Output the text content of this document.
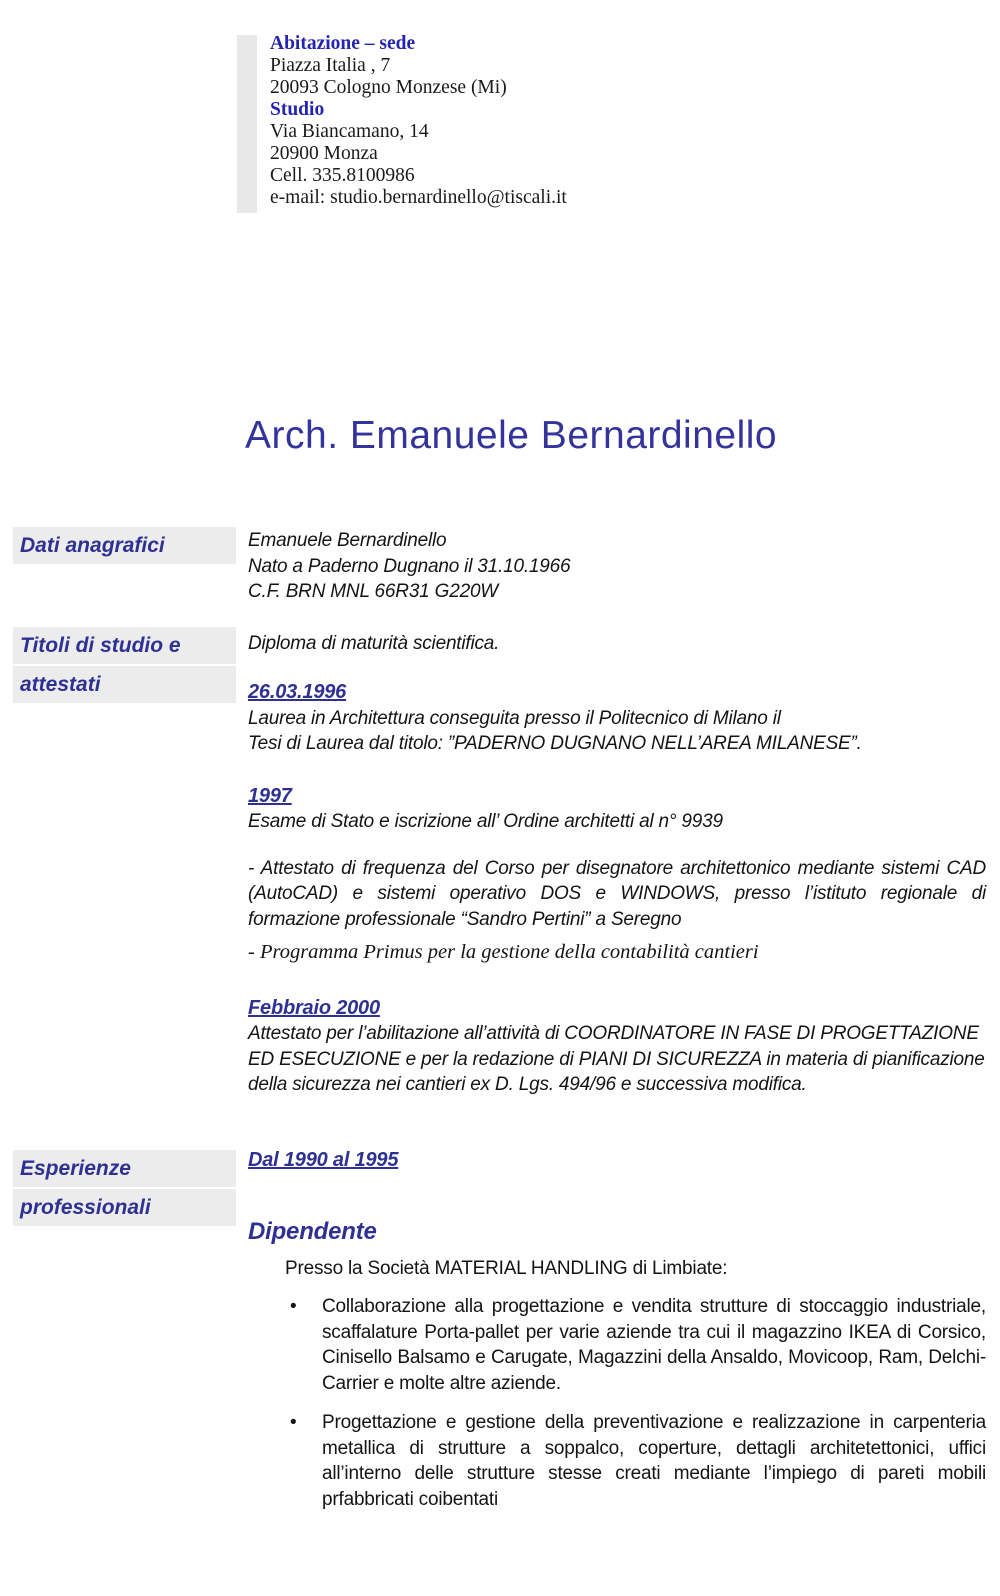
Abitazione – sede
Piazza Italia , 7
20093 Cologno Monzese (Mi)
Studio
Via Biancamano, 14
20900 Monza
Cell. 335.8100986
e-mail: studio.bernardinello@tiscali.it
Arch. Emanuele Bernardinello
Dati anagrafici
Titoli di studio e
attestati
Esperienze
professionali
Emanuele Bernardinello
Nato a Paderno Dugnano il 31.10.1966
C.F. BRN MNL 66R31 G220W
Diploma di maturità scientifica.
26.03.1996
Laurea in Architettura conseguita presso il Politecnico di Milano il
Tesi di Laurea dal titolo: ”PADERNO DUGNANO NELL’AREA MILANESE”.
1997
Esame di Stato e iscrizione all’ Ordine architetti al n° 9939
- Attestato di frequenza del Corso per disegnatore architettonico mediante sistemi CAD (AutoCAD) e sistemi operativo DOS e WINDOWS, presso l’istituto regionale di formazione professionale “Sandro Pertini” a Seregno
- Programma Primus per la gestione della contabilità cantieri
Febbraio 2000
Attestato per l’abilitazione all’attività di COORDINATORE IN FASE DI PROGETTAZIONE ED ESECUZIONE e per la redazione di PIANI DI SICUREZZA in materia di pianificazione della sicurezza nei cantieri ex D. Lgs. 494/96 e successiva modifica.
Dal 1990 al 1995
Dipendente
Presso la Società MATERIAL HANDLING di Limbiate:
• Collaborazione alla progettazione e vendita strutture di stoccaggio industriale, scaffalature Porta-pallet per varie aziende tra cui il magazzino IKEA di Corsico, Cinisello Balsamo e Carugate, Magazzini della Ansaldo, Movicoop, Ram, Delchi- Carrier e molte altre aziende.
• Progettazione e gestione della preventivazione e realizzazione in carpenteria metallica di strutture a soppalco, coperture, dettagli architetettonici, uffici all’interno delle strutture stesse creati mediante l’impiego di pareti mobili prfabbricati coibentati
